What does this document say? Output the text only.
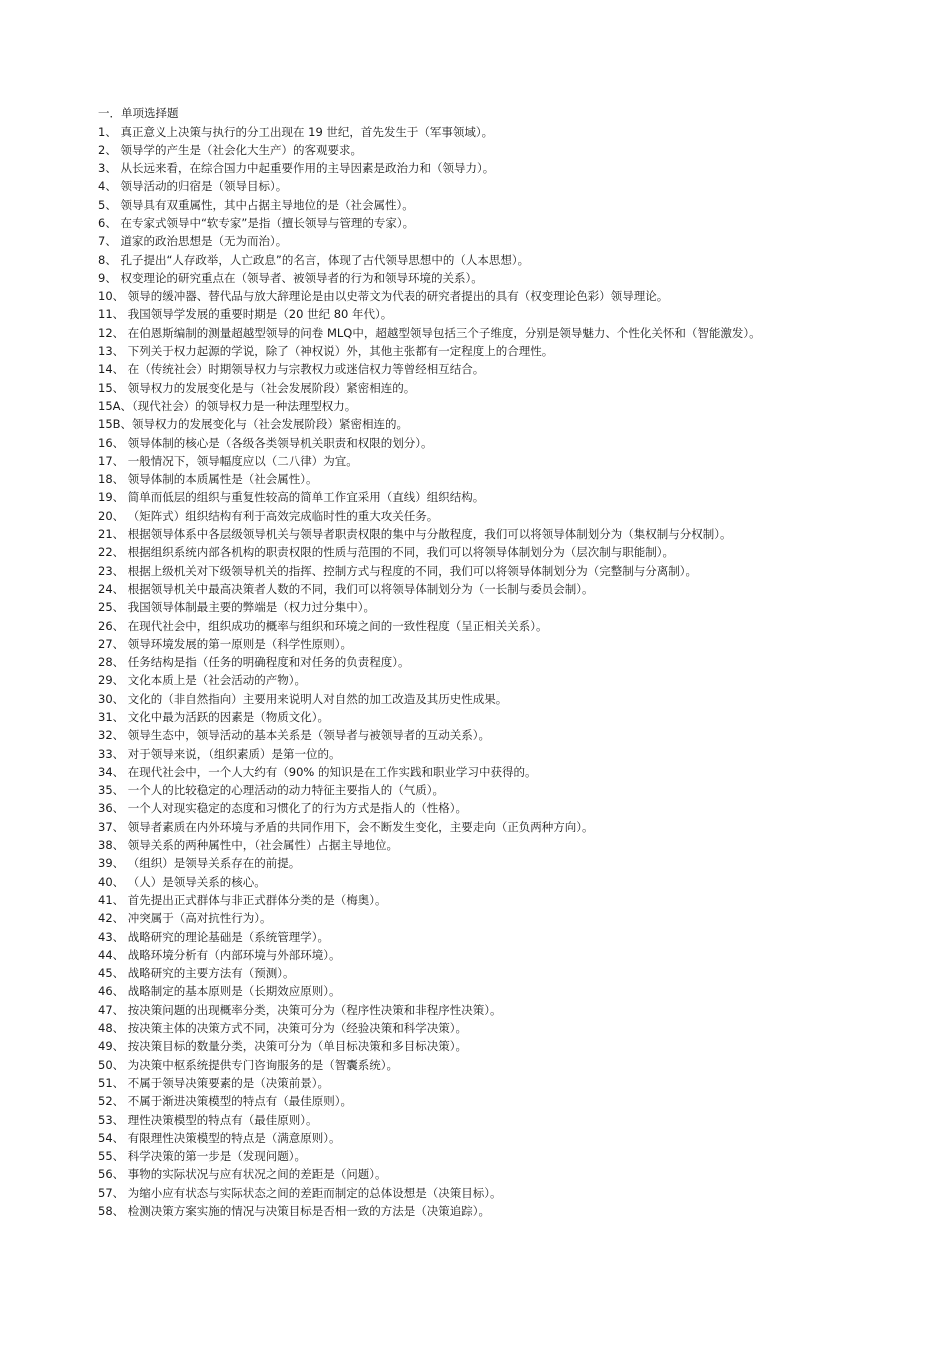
一．单项选择题
1、 真正意义上决策与执行的分工出现在 19 世纪，首先发生于（军事领域）。
2、 领导学的产生是（社会化大生产）的客观要求。
3、 从长远来看，在综合国力中起重要作用的主导因素是政治力和（领导力）。
4、 领导活动的归宿是（领导目标）。
5、 领导具有双重属性，其中占据主导地位的是（社会属性）。
6、 在专家式领导中“软专家”是指（擅长领导与管理的专家）。
7、 道家的政治思想是（无为而治）。
8、 孔子提出“人存政举，人亡政息”的名言，体现了古代领导思想中的（人本思想）。
9、 权变理论的研究重点在（领导者、被领导者的行为和领导环境的关系）。
10、 领导的缓冲器、替代品与放大辞理论是由以史蒂文为代表的研究者提出的具有（权变理论色彩）领导理论。
11、 我国领导学发展的重要时期是（20 世纪 80 年代）。
12、 在伯恩斯编制的测量超越型领导的问卷 MLQ中，超越型领导包括三个子维度，分别是领导魅力、个性化关怀和（智能激发）。
13、 下列关于权力起源的学说，除了（神权说）外，其他主张都有一定程度上的合理性。
14、 在（传统社会）时期领导权力与宗教权力或迷信权力等曾经相互结合。
15、 领导权力的发展变化是与（社会发展阶段）紧密相连的。
15A、（现代社会）的领导权力是一种法理型权力。
15B、领导权力的发展变化与（社会发展阶段）紧密相连的。
16、 领导体制的核心是（各级各类领导机关职责和权限的划分）。
17、 一般情况下，领导幅度应以（二八律）为宜。
18、 领导体制的本质属性是（社会属性）。
19、 简单而低层的组织与重复性较高的简单工作宜采用（直线）组织结构。
20、 （矩阵式）组织结构有利于高效完成临时性的重大攻关任务。
21、 根据领导体系中各层级领导机关与领导者职责权限的集中与分散程度，我们可以将领导体制划分为（集权制与分权制）。
22、 根据组织系统内部各机构的职责权限的性质与范围的不同，我们可以将领导体制划分为（层次制与职能制）。
23、 根据上级机关对下级领导机关的指挥、控制方式与程度的不同，我们可以将领导体制划分为（完整制与分离制）。
24、 根据领导机关中最高决策者人数的不同，我们可以将领导体制划分为（一长制与委员会制）。
25、 我国领导体制最主要的弊端是（权力过分集中）。
26、 在现代社会中，组织成功的概率与组织和环境之间的一致性程度（呈正相关关系）。
27、 领导环境发展的第一原则是（科学性原则）。
28、 任务结构是指（任务的明确程度和对任务的负责程度）。
29、 文化本质上是（社会活动的产物）。
30、 文化的（非自然指向）主要用来说明人对自然的加工改造及其历史性成果。
31、 文化中最为活跃的因素是（物质文化）。
32、 领导生态中，领导活动的基本关系是（领导者与被领导者的互动关系）。
33、 对于领导来说，（组织素质）是第一位的。
34、 在现代社会中，一个人大约有（90% 的知识是在工作实践和职业学习中获得的。
35、 一个人的比较稳定的心理活动的动力特征主要指人的（气质）。
36、 一个人对现实稳定的态度和习惯化了的行为方式是指人的（性格）。
37、 领导者素质在内外环境与矛盾的共同作用下，会不断发生变化，主要走向（正负两种方向）。
38、 领导关系的两种属性中，（社会属性）占据主导地位。
39、 （组织）是领导关系存在的前提。
40、 （人）是领导关系的核心。
41、 首先提出正式群体与非正式群体分类的是（梅奥）。
42、 冲突属于（高对抗性行为）。
43、 战略研究的理论基础是（系统管理学）。
44、 战略环境分析有（内部环境与外部环境）。
45、 战略研究的主要方法有（预测）。
46、 战略制定的基本原则是（长期效应原则）。
47、 按决策问题的出现概率分类，决策可分为（程序性决策和非程序性决策）。
48、 按决策主体的决策方式不同，决策可分为（经验决策和科学决策）。
49、 按决策目标的数量分类，决策可分为（单目标决策和多目标决策）。
50、 为决策中枢系统提供专门咨询服务的是（智囊系统）。
51、 不属于领导决策要素的是（决策前景）。
52、 不属于渐进决策模型的特点有（最佳原则）。
53、 理性决策模型的特点有（最佳原则）。
54、 有限理性决策模型的特点是（满意原则）。
55、 科学决策的第一步是（发现问题）。
56、 事物的实际状况与应有状况之间的差距是（问题）。
57、 为缩小应有状态与实际状态之间的差距而制定的总体设想是（决策目标）。
58、 检测决策方案实施的情况与决策目标是否相一致的方法是（决策追踪）。
